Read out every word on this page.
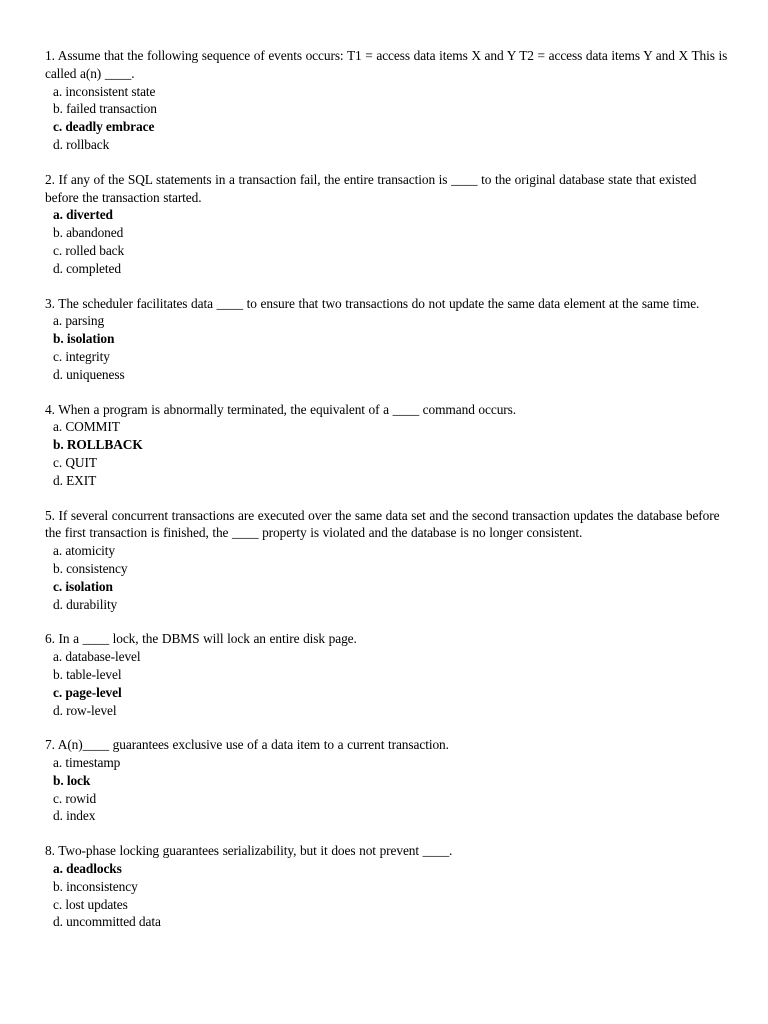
1. Assume that the following sequence of events occurs: T1 = access data items X and Y T2 = access data items Y and X This is called a(n) ____.

a. inconsistent state
b. failed transaction
c. deadly embrace
d. rollback

2. If any of the SQL statements in a transaction fail, the entire transaction is ____ to the original database state that existed before the transaction started.

a. diverted
b. abandoned
c. rolled back
d. completed

3. The scheduler facilitates data ____ to ensure that two transactions do not update the same data element at the same time.

a. parsing
b. isolation
c. integrity
d. uniqueness

4. When a program is abnormally terminated, the equivalent of a ____ command occurs.

a. COMMIT
b. ROLLBACK
c. QUIT
d. EXIT

5. If several concurrent transactions are executed over the same data set and the second transaction updates the database before the first transaction is finished, the ____ property is violated and the database is no longer consistent.

a. atomicity
b. consistency
c. isolation
d. durability

6. In a ____ lock, the DBMS will lock an entire disk page.

a. database-level
b. table-level
c. page-level
d. row-level

7. A(n)____ guarantees exclusive use of a data item to a current transaction.

a. timestamp
b. lock
c. rowid
d. index

8. Two-phase locking guarantees serializability, but it does not prevent ____.

a. deadlocks
b. inconsistency
c. lost updates
d. uncommitted data
